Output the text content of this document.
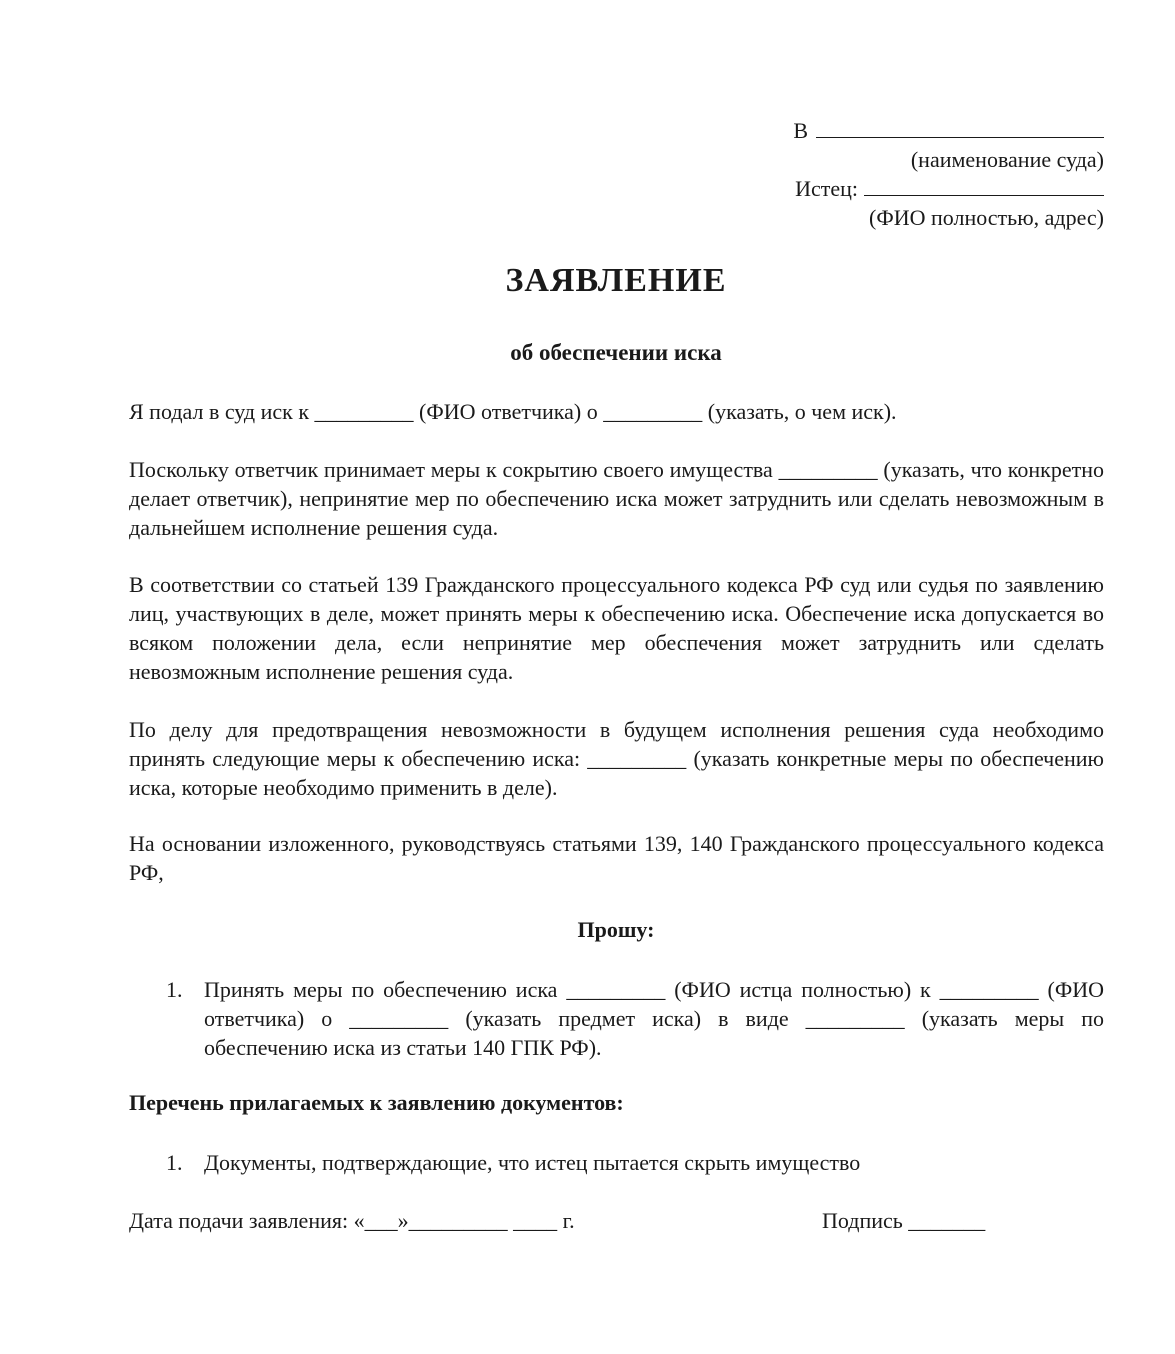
В
(наименование суда)
Истец:
(ФИО полностью, адрес)
ЗАЯВЛЕНИЕ
об обеспечении иска

Я подал в суд иск к _________ (ФИО ответчика) о _________ (указать, о чем иск).

Поскольку ответчик принимает меры к сокрытию своего имущества _________ (указать, что конкретно делает ответчик), непринятие мер по обеспечению иска может затруднить или сделать невозможным в дальнейшем исполнение решения суда.

В соответствии со статьей 139 Гражданского процессуального кодекса РФ суд или судья по заявлению лиц, участвующих в деле, может принять меры к обеспечению иска. Обеспечение иска допускается во всяком положении дела, если непринятие мер обеспечения может затруднить или сделать невозможным исполнение решения суда.

По делу для предотвращения невозможности в будущем исполнения решения суда необходимо принять следующие меры к обеспечению иска: _________ (указать конкретные меры по обеспечению иска, которые необходимо применить в деле).

На основании изложенного, руководствуясь статьями 139, 140 Гражданского процессуального кодекса РФ,

Прошу:
1. Принять меры по обеспечению иска _________ (ФИО истца полностью) к _________ (ФИО ответчика) о _________ (указать предмет иска) в виде _________ (указать меры по обеспечению иска из статьи 140 ГПК РФ).
Перечень прилагаемых к заявлению документов:
1. Документы, подтверждающие, что истец пытается скрыть имущество
Дата подачи заявления: «___»_________ ____ г.	Подпись _______
